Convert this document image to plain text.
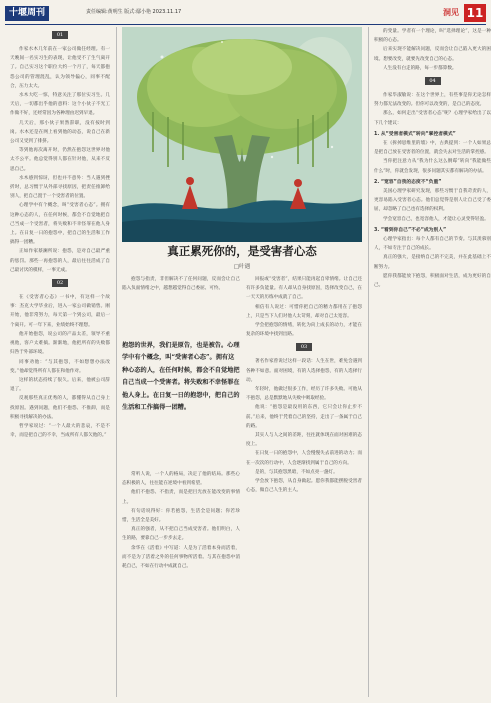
十堰周刊	责任编辑:黄明生 版式:鄢小艳 2023.11.17	洞见 11
01

作家水木几年前在一家公司做任经理。有一天晚间一名实习生的表现，让他受不了生气离开了。自己实习这个职位大约一个月了，每天都抱怨公司的管理混乱，认为领导偏心，同事不配合，压力太大。

水木大吃一惊，特意关注了那位实习生。几天后，一切都出乎他的意料：这个小伙子不光工作做不好，还经常因为各种理由迟到早退。

几天后，那小伙子果然辞职，没有按时到岗。水木还是在网上看到他的动态，说自己在新公司又受到了排挤。

等到他再次离开时，仍然在抱怨这世界对他太不公平。他总觉得别人都在针对他，从来不反思自己。

水木感到惊讶，但也并不意外：当人遇到挫折时，总习惯于从外部寻找原因，把责任推卸给别人，把自己置于一个受害者的位置。

心理学中有个概念，叫“受害者心态”。拥有这种心态的人，在任何时候，都会不自觉地把自己当成一个受害者，将失败和不幸怪罪在他人身上。在日复一日的抱怨中，把自己的生活和工作搞得一团糟。

正如作家蔡澜所说：抱怨，是对自己最严重的惩罚。那些一再抱怨的人，最后往往活成了自己最讨厌的模样，一事无成。

02

在《受害者心态》一书中，有这样一个故事：杰克大学毕业后，进入一家公司做销售。刚开始，他非常努力，每天第一个到公司，最后一个离开。可一年下来，业绩始终不理想。

他开始抱怨，说公司的产品太差，领导不重视他，客户太难搞。渐渐地，他把所有的失败都归咎于外部环境。

同事劝他：“与其抱怨，不如想想办法改变。”他却觉得所有人都在和他作对。

这样的状态持续了很久。后来，他被公司辞退了。

反观那些真正优秀的人，都懂得从自己身上找原因。遇到问题，他们不抱怨、不推卸，而是积极寻找解决的办法。

哲学家说过：“一个人最大的悲哀，不是不幸，而是把自己的不幸，当成所有人都欠他的。”

真正累死你的，是受害者心态
□叶遇

抱怨与指责，非但解决不了任何问题，反而会让自己陷入负面情绪之中，越想越觉得自己委屈、可怜。

抱怨的世界，我们是原告，也是被告。心理学中有个概念，叫“受害者心态”。拥有这种心态的人，在任何时候，都会不自觉地把自己当成一个受害者。将失败和不幸怪罪在他人身上。在日复一日的抱怨中，把自己的生活和工作搞得一团糟。

常听人说，一个人的格局，决定了他的结局。那些心态积极的人，往往能在逆境中看到希望。

他们不抱怨、不指责，而是把目光放在能改变的事情上。

有句话说得好：你若抱怨，生活全是问题；你若珍惜，生活全是美好。

真正的强者，从不把自己当成受害者。他们明白，人生的路，要靠自己一步步去走。

余华在《活着》中写道：人是为了活着本身而活着，而不是为了活着之外的任何事物所活着。与其在抱怨中消耗自己，不如在行动中成就自己。

回报或“受害者”，结果只能再起自卑情绪。让自己还有许多负能量。有人却从自身找原因，选择改变自己，在一天天的历练中成就了自己。

相信有人说过：可惜你把自己的精力都用在了抱怨上，只是当下人们对他人太苛刻，却对自己太宽容。

学会把抱怨的情绪，转化为向上成长的动力，才能在复杂的环境中找到出路。

03

著名作家曾说过这样一段话：人生在世，难免会遇到各种不如意。面对困境，有的人选择抱怨，有的人选择行动。

年轻时，他做过很多工作，经历了许多失败。可他从不抱怨，总是默默地从失败中吸取经验。

他说：“抱怨是最没用的东西，它只会让你止步不前。”后来，他终于凭着自己的坚持，走出了一条属于自己的路。

其实人与人之间的差距，往往就体现在面对困难的态度上。

在日复一日的抱怨中，人会慢慢失去前进的动力；而在一次次的行动中，人会逐渐找到属于自己的方向。

是的，与其抱怨黑暗，不如点亮一盏灯。

学会放下抱怨，从自身做起。愿你我都能摆脱受害者心态，做自己人生的主人。

的变量。学者有一个理论，叫“选择理论”，这是一种积极的心态。

后来实现不能解决问题，反而会让自己陷入更大的困境。想要改变，就要先改变自己的心态。

人生没有白走的路，每一步都算数。

04

作家毕淑敏说：在这个世界上，有些事是你无论怎样努力都无法改变的。但你可以改变的，是自己的态度。

那么，如何走出“受害者心态”呢？心理学家给出了以下几个建议：

1. 从“受害者模式”转向“掌控者模式”

在《拆掉思维里的墙》中，古典提到：一个人如果总是把自己放在受害者的位置，就会失去对生活的掌控感。

当你把注意力从“我为什么这么倒霉”转向“我能做些什么”时，你就会发现，很多问题其实都有解决的办法。

2. “宽容”自我的态度不“负重”

美国心理学家研究发现，那些习惯于自我苛责的人，更容易陷入受害者心态。他们总觉得是别人让自己受了委屈，却忽略了自己也有选择的权利。

学会宽容自己，也宽容他人，才能让心灵变得轻盈。

3. “看到你自己”不必“成为别人”

心理学家指出：每个人都有自己的节奏。与其羡慕别人，不如专注于自己的成长。

真正的强大，是接纳自己的不完美，并在此基础上不断努力。

愿你我都能放下抱怨，积极面对生活，成为更好的自己。
